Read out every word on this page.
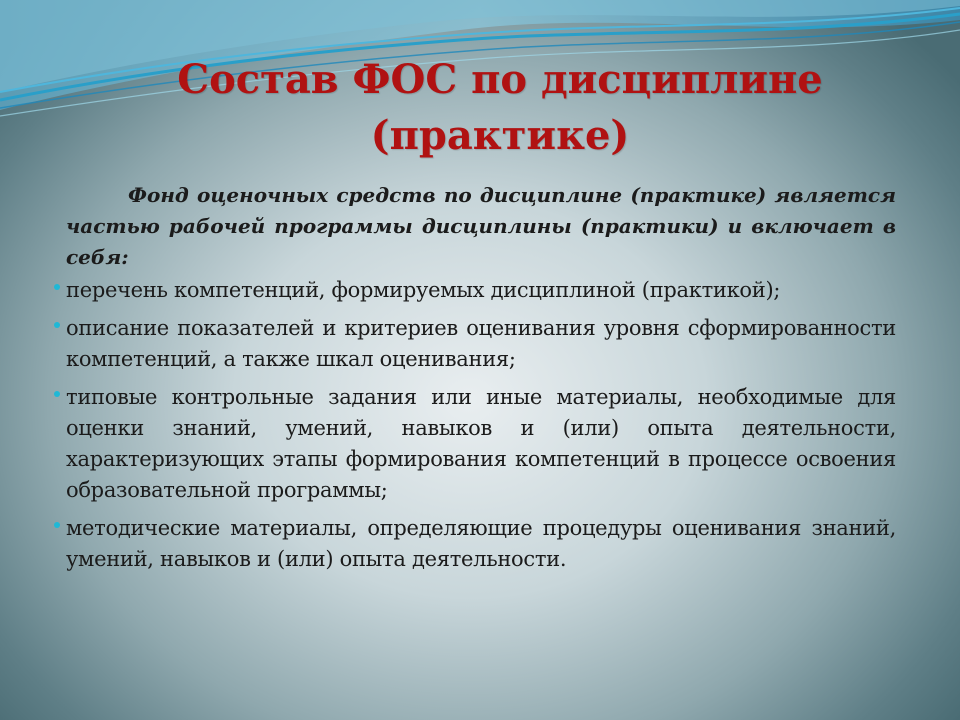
Состав ФОС по дисциплине
(практике)

Фонд оценочных средств по дисциплине (практике) является частью рабочей программы дисциплины (практики) и включает в себя:

перечень компетенций, формируемых дисциплиной (практикой);
описание показателей и критериев оценивания уровня сформированности компетенций, а также шкал оценивания;
типовые контрольные задания или иные материалы, необходимые для оценки знаний, умений, навыков и (или) опыта деятельности, характеризующих этапы формирования компетенций в процессе освоения образовательной программы;
методические материалы, определяющие процедуры оценивания знаний, умений, навыков и (или) опыта деятельности.
